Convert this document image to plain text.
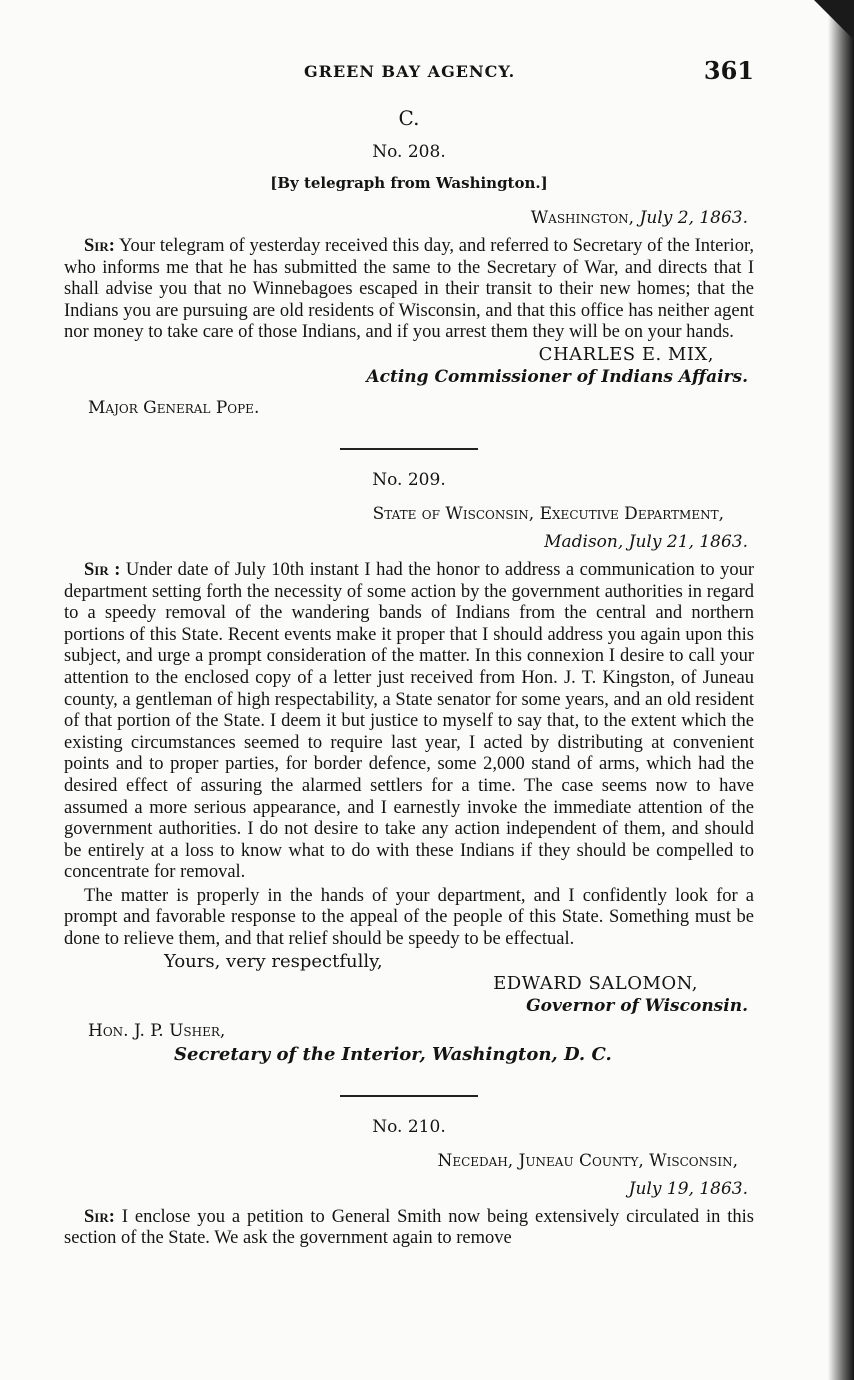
GREEN BAY AGENCY.	361
C.
No. 208.
[By telegraph from Washington.]
Washington, July 2, 1863.

Sir: Your telegram of yesterday received this day, and referred to Secretary of the Interior, who informs me that he has submitted the same to the Secretary of War, and directs that I shall advise you that no Winnebagoes escaped in their transit to their new homes; that the Indians you are pursuing are old residents of Wisconsin, and that this office has neither agent nor money to take care of those Indians, and if you arrest them they will be on your hands.

CHARLES E. MIX,
Acting Commissioner of Indians Affairs.
Major General Pope.
No. 209.
State of Wisconsin, Executive Department,
Madison, July 21, 1863.

Sir : Under date of July 10th instant I had the honor to address a communication to your department setting forth the necessity of some action by the government authorities in regard to a speedy removal of the wandering bands of Indians from the central and northern portions of this State. Recent events make it proper that I should address you again upon this subject, and urge a prompt consideration of the matter. In this connexion I desire to call your attention to the enclosed copy of a letter just received from Hon. J. T. Kingston, of Juneau county, a gentleman of high respectability, a State senator for some years, and an old resident of that portion of the State. I deem it but justice to myself to say that, to the extent which the existing circumstances seemed to require last year, I acted by distributing at convenient points and to proper parties, for border defence, some 2,000 stand of arms, which had the desired effect of assuring the alarmed settlers for a time. The case seems now to have assumed a more serious appearance, and I earnestly invoke the immediate attention of the government authorities. I do not desire to take any action independent of them, and should be entirely at a loss to know what to do with these Indians if they should be compelled to concentrate for removal.

The matter is properly in the hands of your department, and I confidently look for a prompt and favorable response to the appeal of the people of this State. Something must be done to relieve them, and that relief should be speedy to be effectual.

Yours, very respectfully,
EDWARD SALOMON,
Governor of Wisconsin.
Hon. J. P. Usher,
Secretary of the Interior, Washington, D. C.
No. 210.
Necedah, Juneau County, Wisconsin,
July 19, 1863.

Sir: I enclose you a petition to General Smith now being extensively circulated in this section of the State. We ask the government again to remove
